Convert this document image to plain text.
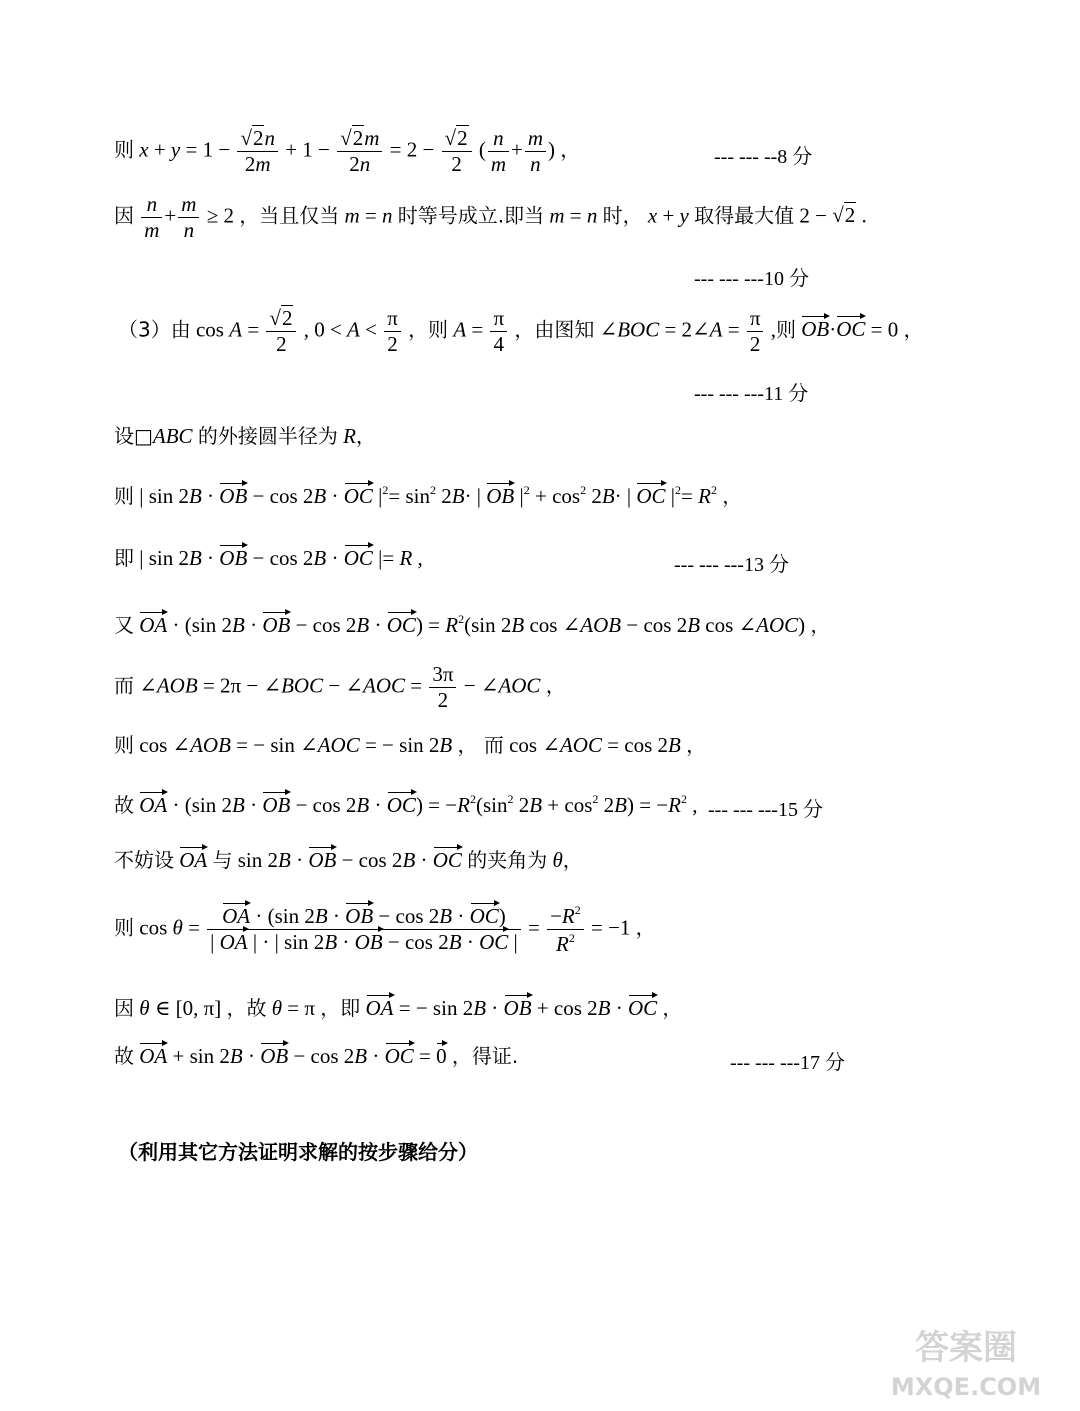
则 $x + y = 1 - \frac{√2n}{2m} + 1 - \frac{√2m}{2n} = 2 - \frac{√2}{2}$ ( $\frac{n}{m} + \frac{m}{n}$ ) ，	--- --- --8 分
因 $\frac{n}{m} + \frac{m}{n} \ge 2$ ，当且仅当 m = n 时等号成立.即当 m = n 时， x + y 取得最大值 2 − √2 .
--- --- ---10 分
（3）由 $\cos A = \frac{√2}{2}$ , $0 < A < \frac{\pi}{2}$ ，则 $A = \frac{\pi}{4}$ ，由图知 ∠BOC = 2∠A = $\frac{\pi}{2}$ ,则 OB·OC = 0 ，
--- --- ---11 分
设□ABC 的外接圆半径为 R，
则 | sin 2B · OB − cos 2B · OC $|^2= \sin^2 2B\cdot$ | OB $|^2 + \cos^2 2B\cdot$ | OC $|^2= R^2$ ，
即 | sin 2B · OB − cos 2B · OC |= R ,	--- --- ---13 分
又 OA · (sin 2B · OB − $\cos 2B \cdot OC) = R^2(\sin$ 2B cos ∠AOB − cos 2B cos ∠AOC) ，
而 ∠AOB = 2π − ∠BOC − ∠AOC = $\frac{3\pi}{2}$ − ∠AOC ，
则 cos ∠AOB = − sin ∠AOC = − sin 2B ， 而 cos ∠AOC = cos 2B ，
故 OA · (sin 2B · OB − $\cos 2B \cdot OC) = -R^2(\sin^2$ $2B + \cos^2 2B) = -R^2$ , --- --- ---15 分
不妨设 OA 与 sin 2B · OB − cos 2B · OC 的夹角为 θ，
则 $\cos \theta = \frac{OA \cdot (\sin 2B \cdot OB - \cos 2B \cdot OC)}{| OA | \cdot | \sin 2B \cdot OB - \cos 2B \cdot OC |} = \frac{-R^2}{R^2} = -1$ ，
因 θ ∈ [0, π] ，故 θ = π ，即 OA = − sin 2B · OB + cos 2B · OC ，
故 OA + sin 2B · OB − cos 2B · OC = 0 ，得证.	--- --- ---17 分
（利用其它方法证明求解的按步骤给分）
答案圈
MXQE.COM
